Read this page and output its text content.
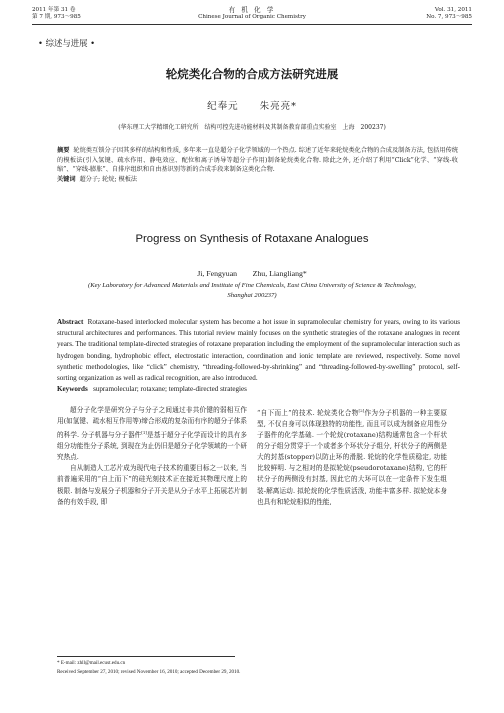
2011 年第 31 卷
第 7 期, 973～985
有 机 化 学
Chinese Journal of Organic Chemistry
Vol. 31, 2011
No. 7, 973～985
• 综述与进展 •
轮烷类化合物的合成方法研究进展
纪奉元　　朱亮亮*
(华东理工大学精细化工研究所　结构可控先进功能材料及其制备教育部重点实验室　上海　200237)
摘要 轮烷类互锁分子因其多样的结构和性质, 多年来一直是超分子化学领域的一个热点. 综述了近年来轮烷类化合物的合成及制备方法, 包括用传统的模板法(引入氢键、疏水作用、静电效应、配位和离子诱导等超分子作用)制备轮烷类化合物. 除此之外, 还介绍了利用“Click”化学、“穿线-收缩”、“穿线-膨胀”、自排序组织和自由基识别等新的合成手段来制备这类化合物.
关键词 超分子; 轮烷; 模板法
Progress on Synthesis of Rotaxane Analogues
Ji, Fengyuan　　Zhu, Liangliang*
(Key Laboratory for Advanced Materials and Institute of Fine Chemicals, East China University of Science & Technology,
Shanghai 200237)
Abstract Rotaxane-based interlocked molecular system has become a hot issue in supramolecular chemistry for years, owing to its various structural architectures and performances. This tutorial review mainly focuses on the synthetic strategies of the rotaxane analogues in recent years. The traditional template-directed strategies of rotaxane preparation including the employment of the supramolecular interaction such as hydrogen bonding, hydrophobic effect, electrostatic interaction, coordination and ionic template are reviewed, respectively. Some novel synthetic methodologies, like “click” chemistry, “threading-followed-by-shrinking” and “threading-followed-by-swelling” protocol, self-sorting organization as well as radical recognition, are also introduced.
Keywords supramolecular; rotaxane; template-directed strategies

超分子化学是研究分子与分子之间通过非共价键的弱相互作用(如氢键、疏水相互作用等)缔合形成的复杂而有序的超分子体系的科学. 分子机器与分子器件[1]是基于超分子化学而设计的具有多组分功能性分子系统, 到现在为止仍旧是超分子化学领域的一个研究热点.

自从制造人工芯片成为现代电子技术的重要目标之一以来, 当前普遍采用的“自上而下”的硅光刻技术正在接近其物理尺度上的极限. 制备与发展分子机器和分子开关是从分子水平上拓展芯片制备的有效手段, 即

“自下而上”的技术. 轮烷类化合物[2]作为分子机器的一种主要原型, 不仅自身可以体现独特的功能性, 而且可以成为制备应用性分子器件的化学基础. 一个轮烷(rotaxane)结构通常包含一个杆状的分子组分贯穿于一个或者多个环状分子组分, 杆状分子的两侧是大的封基(stopper)以防止环的滑脱. 轮烷的化学性质稳定, 功能比较鲜明. 与之相对的是拟轮烷(pseudorotaxane)结构, 它的杆状分子的两侧没有封基, 因此它的大环可以在一定条件下发生组装-解离运动. 拟轮烷的化学性质活泼, 功能丰富多样. 拟轮烷本身也具有和轮烷相似的性能,

* E-mail: zhll@mail.ecust.edu.cn
Received September 27, 2010; revised November 16, 2010; accepted December 29, 2010.
